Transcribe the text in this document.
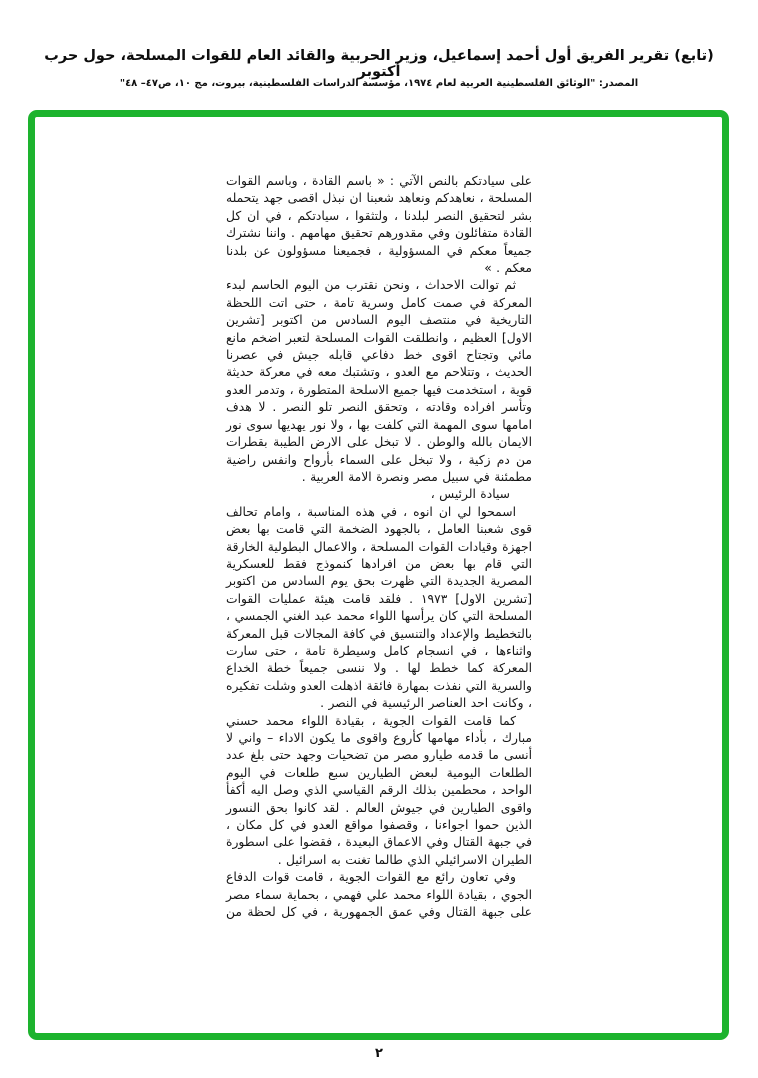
(تابع) تقرير الفريق أول أحمد إسماعيل، وزير الحربية والقائد العام للقوات المسلحة، حول حرب أكتوبر
المصدر: "الوثائق الفلسطينية العربية لعام ١٩٧٤، مؤسسة الدراسات الفلسطينية، بيروت، مج ١٠، ص٤٧– ٤٨"

على سيادتكم بالنص الآتي : « باسم القادة ، وباسم القوات المسلحة ، نعاهدكم ونعاهد شعبنا ان نبذل اقصى جهد يتحمله بشر لتحقيق النصر لبلدنا ، ولتثقوا ، سيادتكم ، في ان كل القادة متفائلون وفي مقدورهم تحقيق مهامهم . واننا نشترك جميعاً معكم في المسؤولية ، فجميعنا مسؤولون عن بلدنا معكم . »

ثم توالت الاحداث ، ونحن نقترب من اليوم الحاسم لبدء المعركة في صمت كامل وسرية تامة ، حتى اتت اللحظة التاريخية في منتصف اليوم السادس من اكتوبر [تشرين الاول] العظيم ، وانطلقت القوات المسلحة لتعبر اضخم مانع مائي وتجتاح اقوى خط دفاعي قابله جيش في عصرنا الحديث ، وتتلاحم مع العدو ، وتشتبك معه في معركة حديثة قوية ، استخدمت فيها جميع الاسلحة المتطورة ، وتدمر العدو وتأسر افراده وقادته ، وتحقق النصر تلو النصر . لا هدف امامها سوى المهمة التي كلفت بها ، ولا نور يهديها سوى نور الايمان بالله والوطن . لا تبخل على الارض الطيبة بقطرات من دم زكية ، ولا تبخل على السماء بأرواح وانفس راضية مطمئنة في سبيل مصر ونصرة الامة العربية .

سيادة الرئيس ،

اسمحوا لي ان انوه ، في هذه المناسبة ، وامام تحالف قوى شعبنا العامل ، بالجهود الضخمة التي قامت بها بعض اجهزة وقيادات القوات المسلحة ، والاعمال البطولية الخارقة التي قام بها بعض من افرادها كنموذج فقط للعسكرية المصرية الجديدة التي ظهرت بحق يوم السادس من اكتوبر [تشرين الاول] ١٩٧٣ . فلقد قامت هيئة عمليات القوات المسلحة التي كان يرأسها اللواء محمد عبد الغني الجمسي ، بالتخطيط والإعداد والتنسيق في كافة المجالات قبل المعركة واثناءها ، في انسجام كامل وسيطرة تامة ، حتى سارت المعركة كما خطط لها . ولا ننسى جميعاً خطة الخداع والسرية التي نفذت بمهارة فائقة اذهلت العدو وشلت تفكيره ، وكانت احد العناصر الرئيسية في النصر .

كما قامت القوات الجوية ، بقيادة اللواء محمد حسني مبارك ، بأداء مهامها كأروع واقوى ما يكون الاداء – واني لا أنسى ما قدمه طيارو مصر من تضحيات وجهد حتى بلغ عدد الطلعات اليومية لبعض الطيارين سبع طلعات في اليوم الواحد ، محطمين بذلك الرقم القياسي الذي وصل اليه أكفأ واقوى الطيارين في جيوش العالم . لقد كانوا بحق النسور الذين حموا اجواءنا ، وقصفوا مواقع العدو في كل مكان ، في جبهة القتال وفي الاعماق البعيدة ، فقضوا على اسطورة الطيران الاسرائيلي الذي طالما تغنت به اسرائيل .

وفي تعاون رائع مع القوات الجوية ، قامت قوات الدفاع الجوي ، بقيادة اللواء محمد علي فهمي ، بحماية سماء مصر على جبهة القتال وفي عمق الجمهورية ، في كل لحظة من

٢
